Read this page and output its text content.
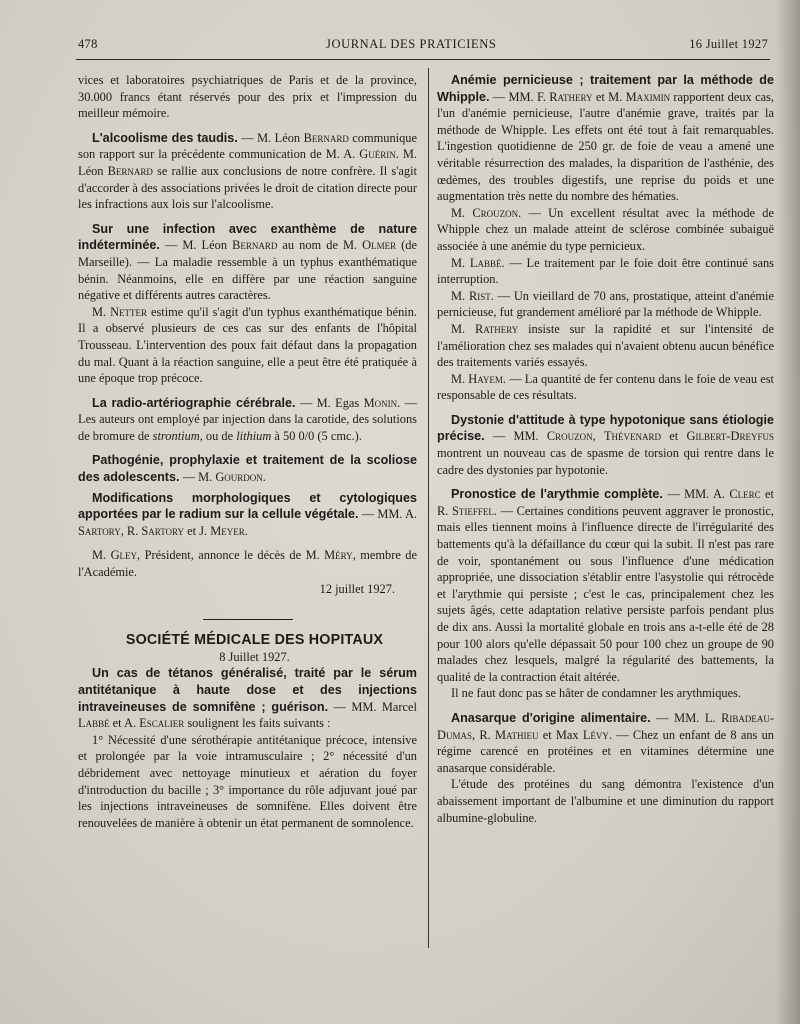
478	JOURNAL DES PRATICIENS	16 Juillet 1927

vices et laboratoires psychiatriques de Paris et de la province, 30.000 francs étant réservés pour des prix et l'impression du meilleur mémoire.

L'alcoolisme des taudis. — M. Léon Bernard communique son rapport sur la précédente communication de M. A. Guérin. M. Léon Bernard se rallie aux conclusions de notre confrère. Il s'agit d'accorder à des associations privées le droit de citation directe pour les infractions aux lois sur l'alcoolisme.

Sur une infection avec exanthème de nature indéterminée. — M. Léon Bernard au nom de M. Olmer (de Marseille). — La maladie ressemble à un typhus exanthématique bénin. Néanmoins, elle en diffère par une réaction sanguine négative et différents autres caractères.

M. Netter estime qu'il s'agit d'un typhus exanthématique bénin. Il a observé plusieurs de ces cas sur des enfants de l'hôpital Trousseau. L'intervention des poux fait défaut dans la propagation du mal. Quant à la réaction sanguine, elle a peut être été pratiquée à une époque trop précoce.

La radio-artériographie cérébrale. — M. Egas Monin. — Les auteurs ont employé par injection dans la carotide, des solutions de bromure de strontium, ou de lithium à 50 0/0 (5 cmc.).

Pathogénie, prophylaxie et traitement de la scoliose des adolescents. — M. Gourdon.

Modifications morphologiques et cytologiques apportées par le radium sur la cellule végétale. — MM. A. Sartory, R. Sartory et J. Meyer.

M. Gley, Président, annonce le décès de M. Méry, membre de l'Académie.

12 juillet 1927.

SOCIÉTÉ MÉDICALE DES HOPITAUX

8 Juillet 1927.

Un cas de tétanos généralisé, traité par le sérum antitétanique à haute dose et des injections intraveineuses de somnifène ; guérison. — MM. Marcel Labbé et A. Escalier soulignent les faits suivants :

1° Nécessité d'une sérothérapie antitétanique précoce, intensive et prolongée par la voie intramusculaire ; 2° nécessité d'un débridement avec nettoyage minutieux et aération du foyer d'introduction du bacille ; 3° importance du rôle adjuvant joué par les injections intraveineuses de somnifène. Elles doivent être renouvelées de manière à obtenir un état permanent de somnolence.

Anémie pernicieuse ; traitement par la méthode de Whipple. — MM. F. Rathery et M. Maximin rapportent deux cas, l'un d'anémie pernicieuse, l'autre d'anémie grave, traités par la méthode de Whipple. Les effets ont été tout à fait remarquables. L'ingestion quotidienne de 250 gr. de foie de veau a amené une véritable résurrection des malades, la disparition de l'asthénie, des œdèmes, des troubles digestifs, une reprise du poids et une augmentation très nette du nombre des hématies.

M. Crouzon. — Un excellent résultat avec la méthode de Whipple chez un malade atteint de sclérose combinée subaiguë associée à une anémie du type pernicieux.

M. Labbé. — Le traitement par le foie doit être continué sans interruption.

M. Rist. — Un vieillard de 70 ans, prostatique, atteint d'anémie pernicieuse, fut grandement amélioré par la méthode de Whipple.

M. Rathery insiste sur la rapidité et sur l'intensité de l'amélioration chez ses malades qui n'avaient obtenu aucun bénéfice des traitements variés essayés.

M. Hayem. — La quantité de fer contenu dans le foie de veau est responsable de ces résultats.

Dystonie d'attitude à type hypotonique sans étiologie précise. — MM. Crouzon, Thévenard et Gilbert-Dreyfus montrent un nouveau cas de spasme de torsion qui rentre dans le cadre des dystonies par hypotonie.

Pronostice de l'arythmie complète. — MM. A. Clerc et R. Stieffel. — Certaines conditions peuvent aggraver le pronostic, mais elles tiennent moins à l'influence directe de l'irrégularité des battements qu'à la défaillance du cœur qui la subit. Il n'est pas rare de voir, spontanément ou sous l'influence d'une médication appropriée, une dissociation s'établir entre l'asystolie qui rétrocède et l'arythmie qui persiste ; c'est le cas, principalement chez les sujets âgés, cette adaptation relative persiste parfois pendant plus de dix ans. Aussi la mortalité globale en trois ans a-t-elle été de 28 pour 100 alors qu'elle dépassait 50 pour 100 chez un groupe de 90 malades chez lesquels, malgré la régularité des battements, la qualité de la contraction était altérée.

Il ne faut donc pas se hâter de condamner les arythmiques.

Anasarque d'origine alimentaire. — MM. L. Ribadeau-Dumas, R. Mathieu et Max Lévy. — Chez un enfant de 8 ans un régime carencé en protéines et en vitamines détermine une anasarque considérable.

L'étude des protéines du sang démontra l'existence d'un abaissement important de l'albumine et une diminution du rapport albumine-globuline.
